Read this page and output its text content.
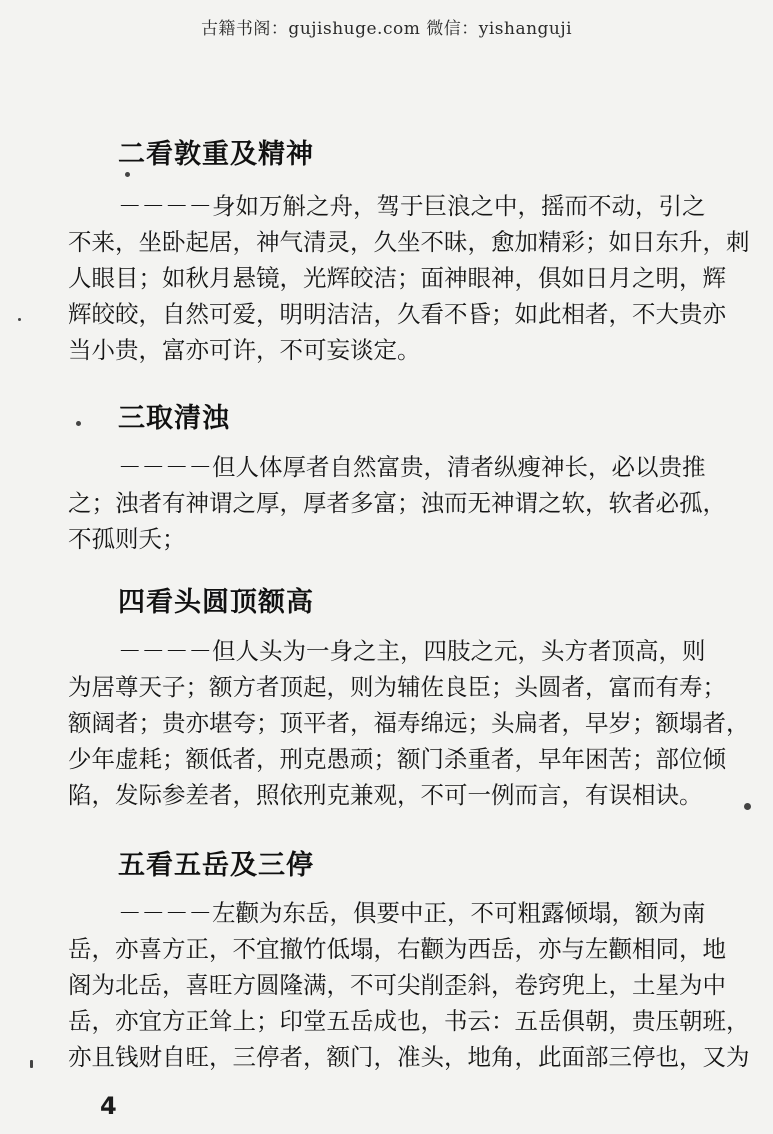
古籍书阁：gujishuge.com 微信：yishanguji
二看敦重及精神
－－－－身如万斛之舟，驾于巨浪之中，摇而不动，引之
不来，坐卧起居，神气清灵，久坐不昧，愈加精彩；如日东升，刺
人眼目；如秋月悬镜，光辉皎洁；面神眼神，俱如日月之明，辉
辉皎皎，自然可爱，明明洁洁，久看不昏；如此相者，不大贵亦
当小贵，富亦可许，不可妄谈定。
三取清浊
－－－－但人体厚者自然富贵，清者纵瘦神长，必以贵推
之；浊者有神谓之厚，厚者多富；浊而无神谓之软，软者必孤，
不孤则夭；
四看头圆顶额高
－－－－但人头为一身之主，四肢之元，头方者顶高，则
为居尊天子；额方者顶起，则为辅佐良臣；头圆者，富而有寿；
额阔者；贵亦堪夸；顶平者，福寿绵远；头扁者，早岁；额塌者，
少年虚耗；额低者，刑克愚顽；额门杀重者，早年困苦；部位倾
陷，发际参差者，照依刑克兼观，不可一例而言，有误相诀。
五看五岳及三停
－－－－左颧为东岳，俱要中正，不可粗露倾塌，额为南
岳，亦喜方正，不宜撤竹低塌，右颧为西岳，亦与左颧相同，地
阁为北岳，喜旺方圆隆满，不可尖削歪斜，卷窍兜上，土星为中
岳，亦宜方正耸上；印堂五岳成也，书云：五岳俱朝，贵压朝班，
亦且钱财自旺，三停者，额门，准头，地角，此面部三停也，又为
4
